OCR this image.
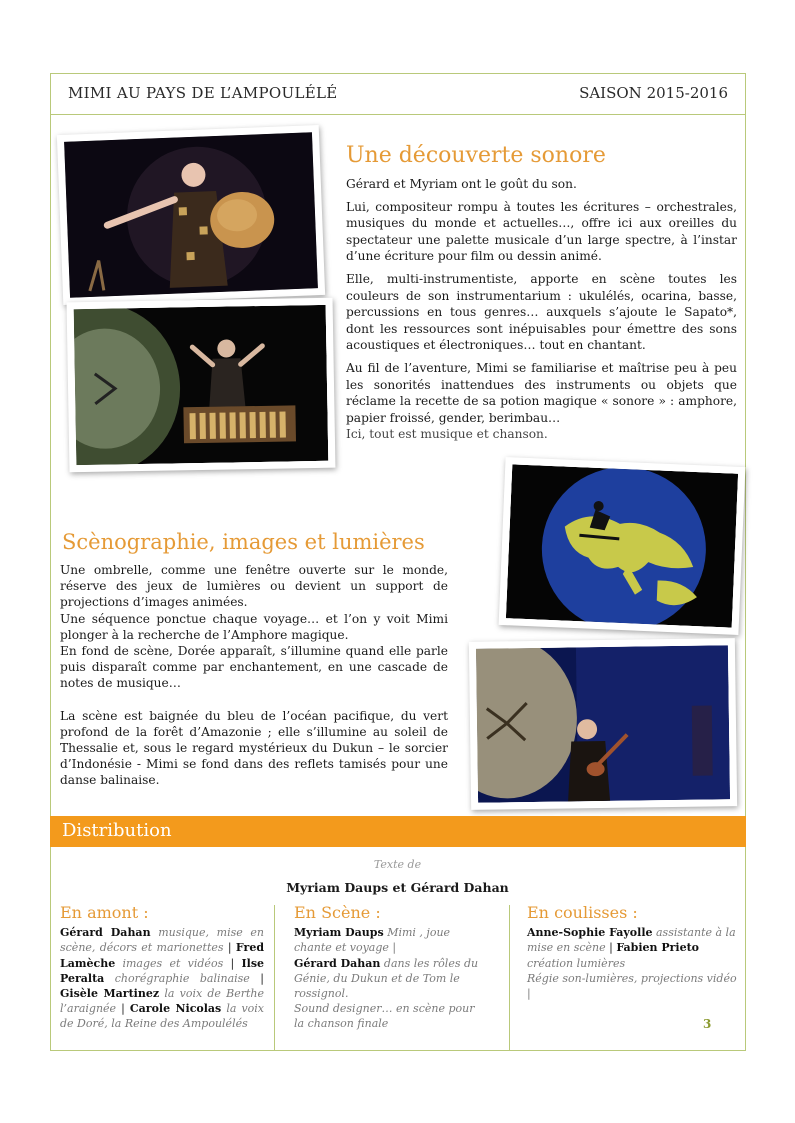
MIMI AU PAYS DE L’AMPOULÉLÉ	SAISON 2015-2016
Une découverte sonore

Gérard et Myriam ont le goût du son.

Lui, compositeur rompu à toutes les écritures – orchestrales, musiques du monde et actuelles…, offre ici aux oreilles du spectateur une palette musicale d’un large spectre, à l’instar d’une écriture pour film ou dessin animé.

Elle, multi-instrumentiste, apporte en scène toutes les couleurs de son instrumentarium : ukulélés, ocarina, basse, percussions en tous genres… auxquels s’ajoute le Sapato*, dont les ressources sont inépuisables pour émettre des sons acoustiques et électroniques… tout en chantant.

Au fil de l’aventure, Mimi se familiarise et maîtrise peu à peu les sonorités inattendues des instruments ou objets que réclame la recette de sa potion magique « sonore » : amphore, papier froissé, gender, berimbau…

Ici, tout est musique et chanson.

Scènographie, images et lumières

Une ombrelle, comme une fenêtre ouverte sur le monde, réserve des jeux de lumières ou devient un support de projections d’images animées.

Une séquence ponctue chaque voyage… et l’on y voit Mimi plonger à la recherche de l’Amphore magique.

En fond de scène, Dorée apparaît, s’illumine quand elle parle puis disparaît comme par enchantement, en une cascade de notes de musique…

La scène est baignée du bleu de l’océan pacifique, du vert profond de la forêt d’Amazonie ; elle s’illumine au soleil de Thessalie et, sous le regard mystérieux du Dukun – le sorcier d’Indonésie - Mimi se fond dans des reflets tamisés pour une danse balinaise.

Distribution
Texte de
Myriam Daups et Gérard Dahan
En amont :
Gérard Dahan musique, mise en scène, décors et marionettes | Fred Lamèche images et vidéos | Ilse Peralta chorégraphie balinaise | Gisèle Martinez la voix de Berthe l’araignée | Carole Nicolas la voix de Doré, la Reine des Ampoulélés
En Scène :
Myriam Daups Mimi , joue chante et voyage |
Gérard Dahan dans les rôles du Génie, du Dukun et de Tom le rossignol.
Sound designer… en scène pour la chanson finale
En coulisses :
Anne-Sophie Fayolle assistante à la mise en scène | Fabien Prieto création lumières
Régie son-lumières, projections vidéo |
3
